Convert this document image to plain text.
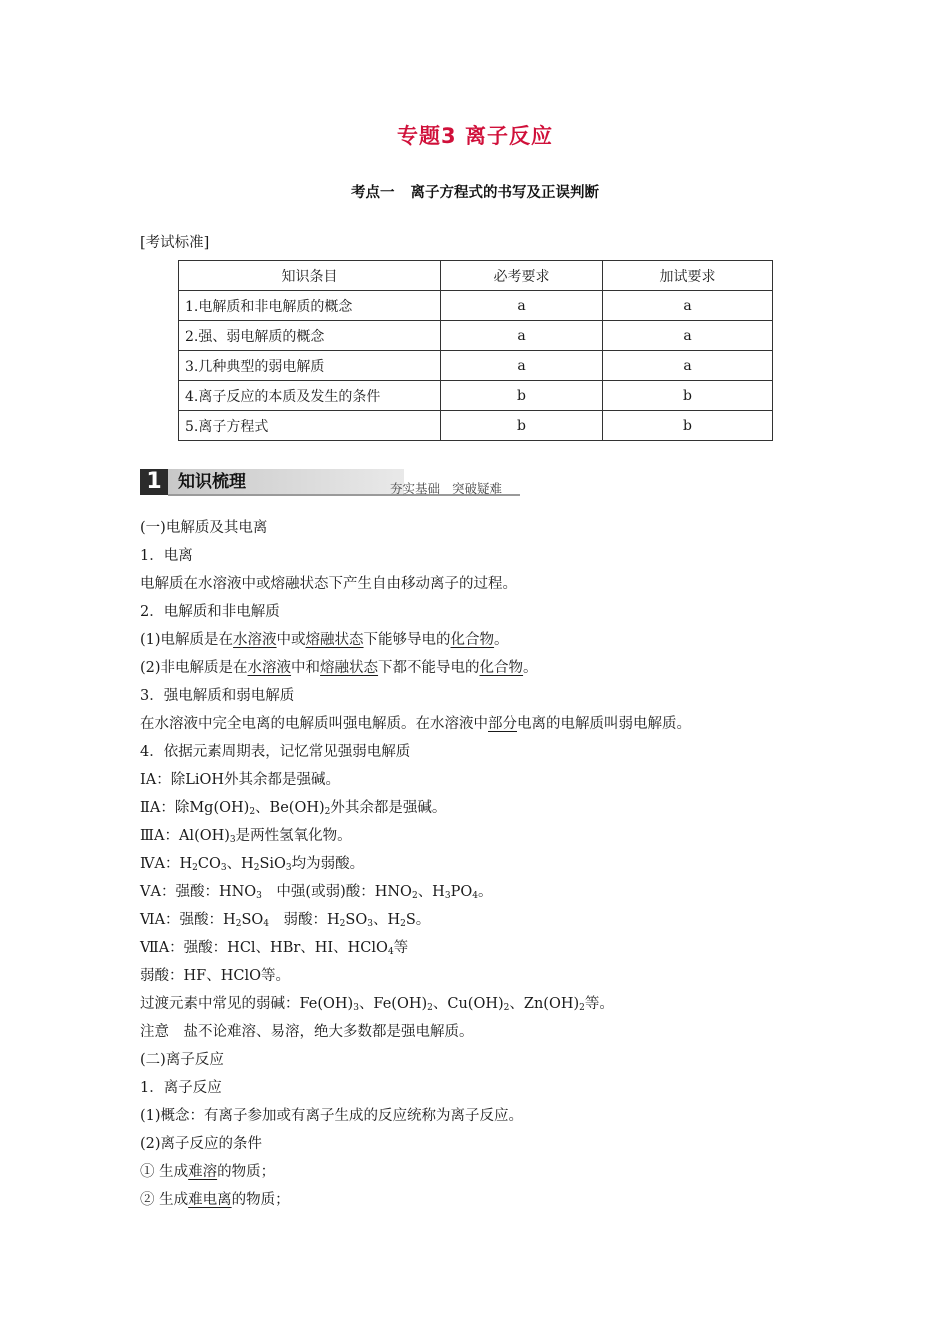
专题3 离子反应
考点一 离子方程式的书写及正误判断
[考试标准]
知识条目	必考要求	加试要求
1.电解质和非电解质的概念	a	a
2.强、弱电解质的概念	a	a
3.几种典型的弱电解质	a	a
4.离子反应的本质及发生的条件	b	b
5.离子方程式	b	b
1 知识梳理	夯实基础 突破疑难
(一)电解质及其电离
1．电离
电解质在水溶液中或熔融状态下产生自由移动离子的过程。
2．电解质和非电解质
(1)电解质是在水溶液中或熔融状态下能够导电的化合物。
(2)非电解质是在水溶液中和熔融状态下都不能导电的化合物。
3．强电解质和弱电解质
在水溶液中完全电离的电解质叫强电解质。在水溶液中部分电离的电解质叫弱电解质。
4．依据元素周期表，记忆常见强弱电解质
ⅠA：除LiOH外其余都是强碱。
ⅡA：除$Mg(OH)_2$、$Be(OH)_2$外其余都是强碱。
ⅢA：$Al(OH)_3$是两性氢氧化物。
ⅣA：$H_2CO_3$、$H_2SiO_3$均为弱酸。
ⅤA：强酸：$HNO_3$　中强(或弱)酸：$HNO_2$、$H_3PO_4$。
ⅥA：强酸：$H_2SO_4$　弱酸：$H_2SO_3$、$H_2S$。
ⅦA：强酸：HCl、HBr、HI、HClO$_4$等
弱酸：HF、HClO等。
过渡元素中常见的弱碱：$Fe(OH)_3$、$Fe(OH)_2$、$Cu(OH)_2$、$Zn(OH)_2$等。
注意　盐不论难溶、易溶，绝大多数都是强电解质。
(二)离子反应
1．离子反应
(1)概念：有离子参加或有离子生成的反应统称为离子反应。
(2)离子反应的条件
① 生成难溶的物质；
② 生成难电离的物质；
